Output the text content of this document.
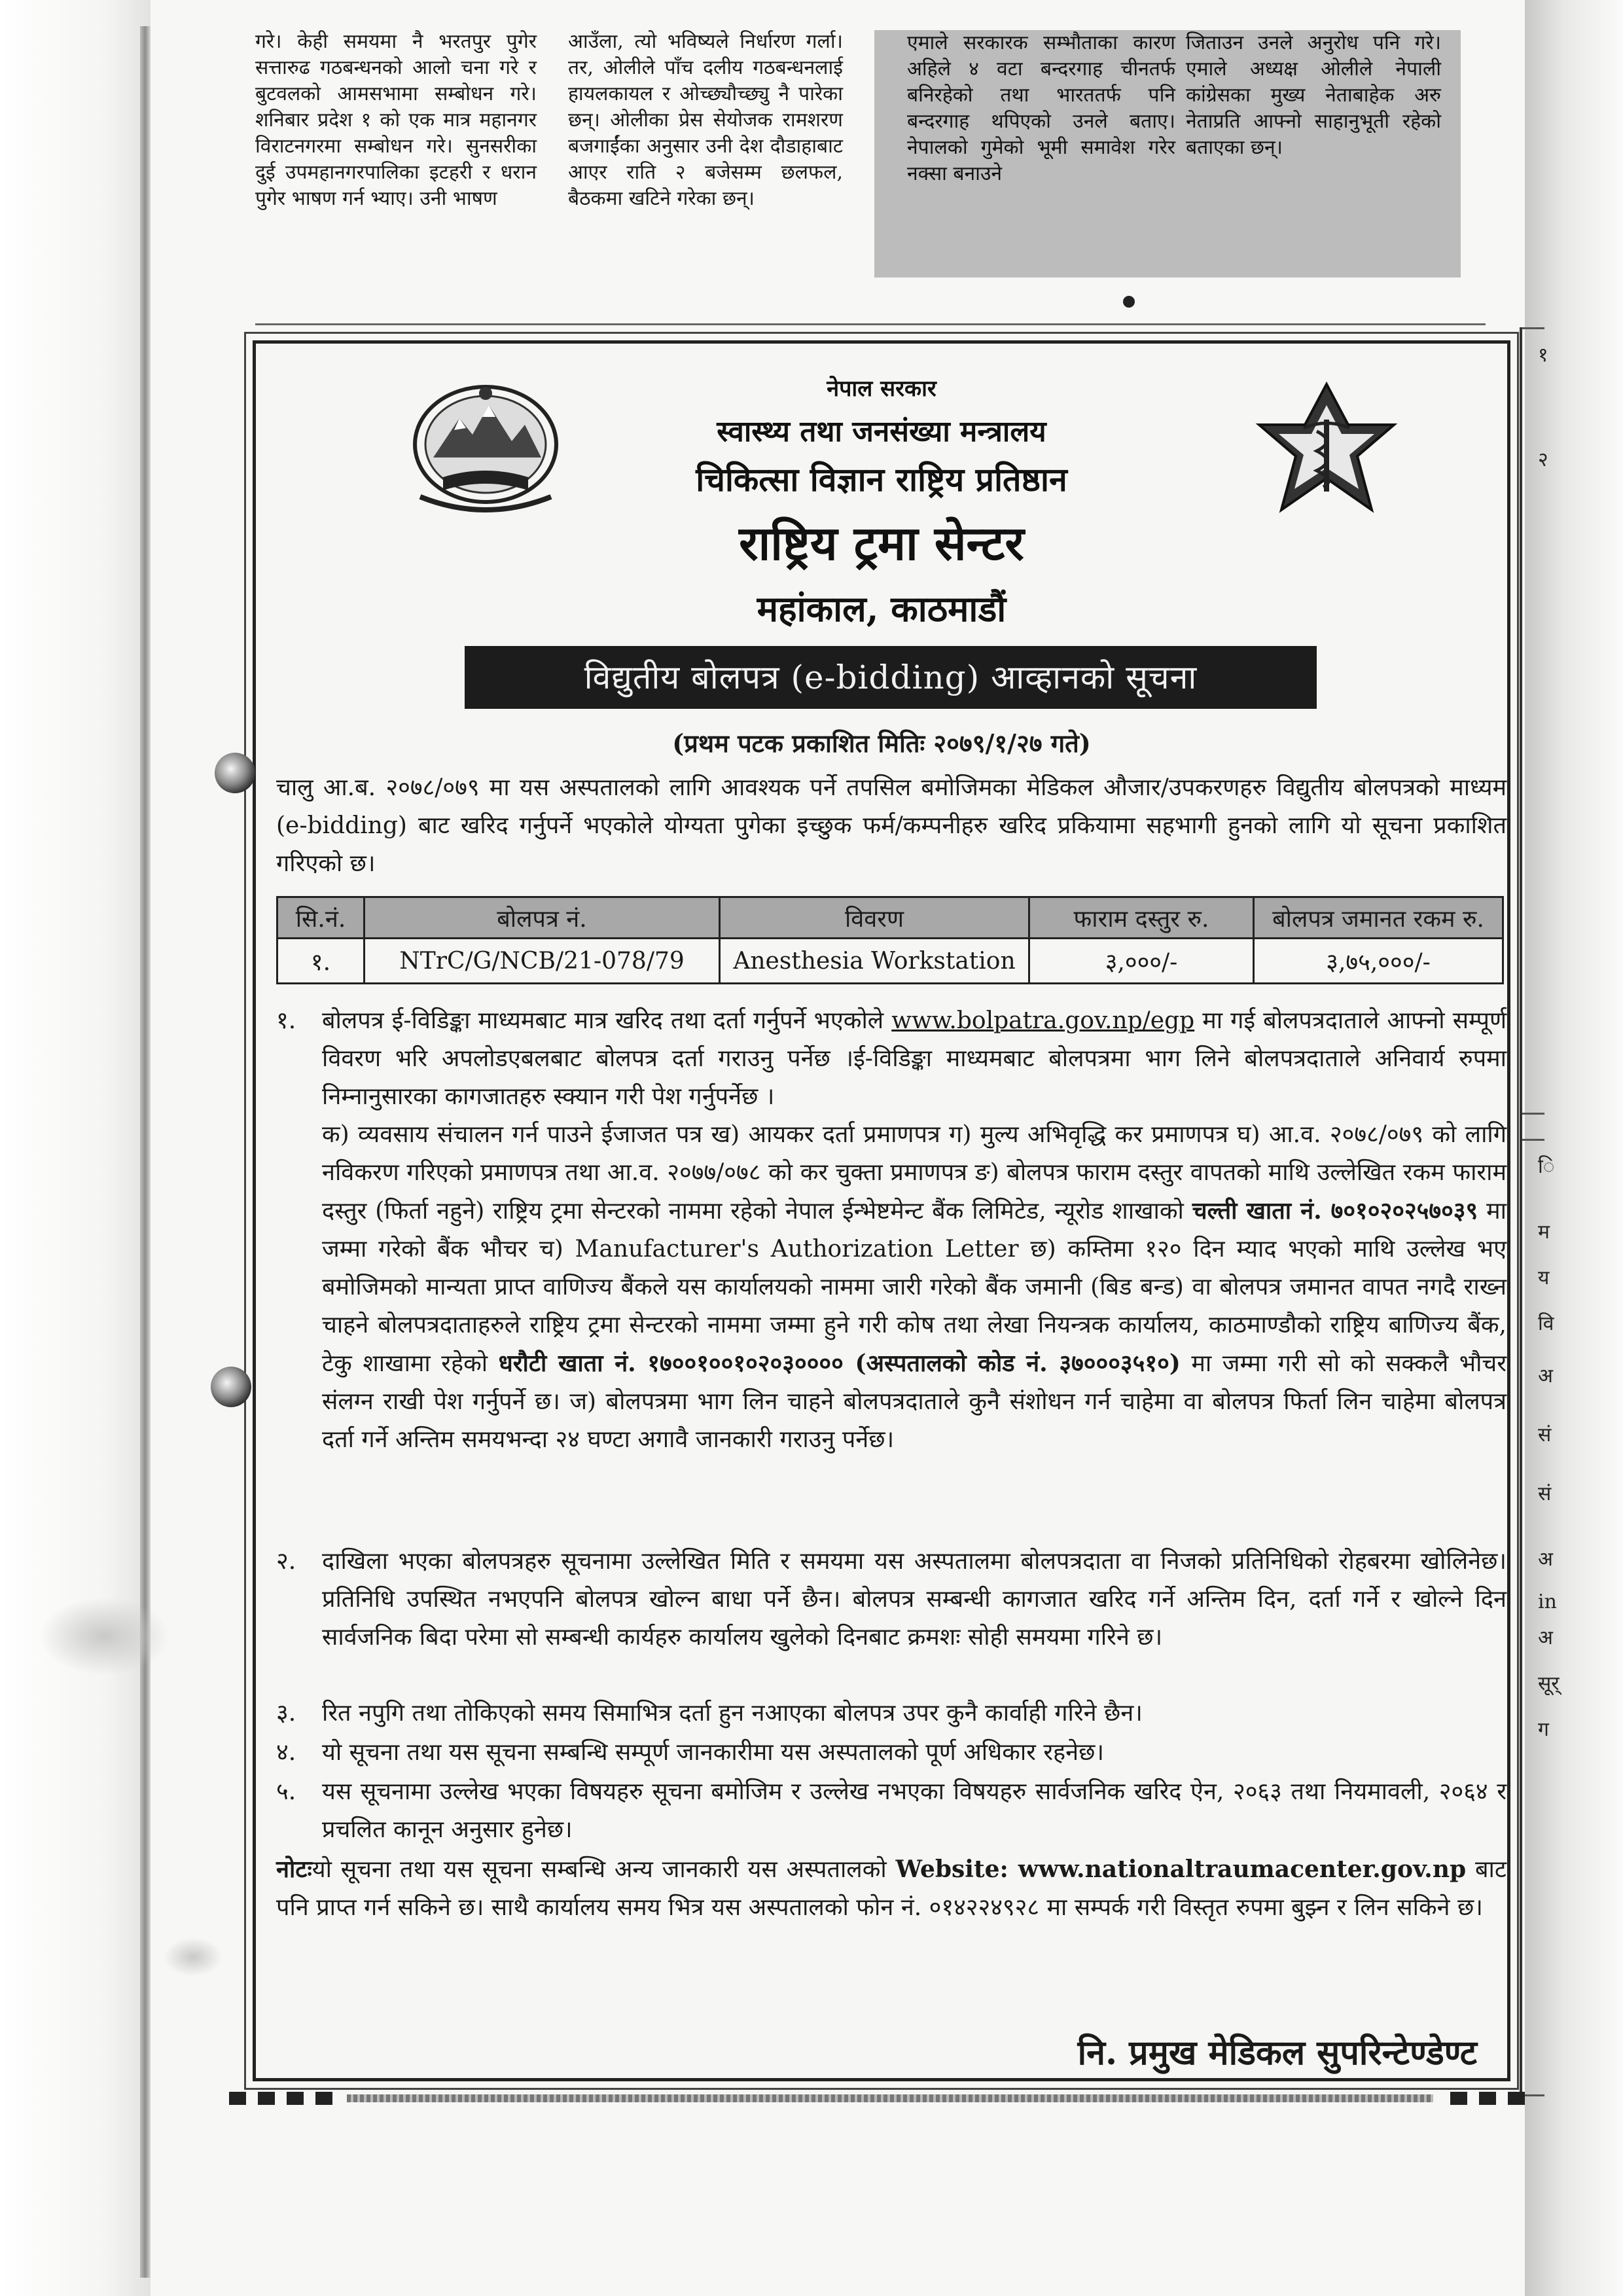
गरे। केही समयमा नै भरतपुर पुगेर सत्तारुढ गठबन्धनको आलो चना गरे र बुटवलको आमसभामा सम्बोधन गरे। शनिबार प्रदेश १ को एक मात्र महानगर विराटनगरमा सम्बोधन गरे। सुनसरीका दुई उपमहानगरपालिका इटहरी र धरान पुगेर भाषण गर्न भ्याए। उनी भाषण

आउँला, त्यो भविष्यले निर्धारण गर्ला। तर, ओलीले पाँच दलीय गठबन्धनलाई हायलकायल र ओच्छ्यौच्छ्यु नै पारेका छन्। ओलीका प्रेस सेयोजक रामशरण बजगाईंका अनुसार उनी देश दौडाहाबाट आएर राति २ बजेसम्म छलफल, बैठकमा खटिने गरेका छन्।

एमाले सरकारक सम्भौताका कारण अहिले ४ वटा बन्दरगाह चीनतर्फ बनिरहेको तथा भारततर्फ पनि बन्दरगाह थपिएको उनले बताए। नेपालको गुमेको भूमी समावेश गरेर नक्सा बनाउने

जिताउन उनले अनुरोध पनि गरे। एमाले अध्यक्ष ओलीले नेपाली कांग्रेसका मुख्य नेताबाहेक अरु नेताप्रति आफ्नो साहानुभूती रहेको बताएका छन्।

१
२
ि
म
य
वि
अ
सं
सं
अ
in
अ
सूर्
ग
नेपाल सरकार
स्वास्थ्य तथा जनसंख्या मन्त्रालय
चिकित्सा विज्ञान राष्ट्रिय प्रतिष्ठान
राष्ट्रिय ट्रमा सेन्टर
महांकाल, काठमाडौं
विद्युतीय बोलपत्र (e-bidding) आव्हानको सूचना
(प्रथम पटक प्रकाशित मितिः २०७९/१/२७ गते)

चालु आ.ब. २०७८/०७९ मा यस अस्पतालको लागि आवश्यक पर्ने तपसिल बमोजिमका मेडिकल औजार/उपकरणहरु विद्युतीय बोलपत्रको माध्यम (e-bidding) बाट खरिद गर्नुपर्ने भएकोले योग्यता पुगेका इच्छुक फर्म/कम्पनीहरु खरिद प्रकियामा सहभागी हुनको लागि यो सूचना प्रकाशित गरिएको छ।

सि.नं.	बोलपत्र नं.	विवरण	फाराम दस्तुर रु.	बोलपत्र जमानत रकम रु.
१.	NTrC/G/NCB/21-078/79	Anesthesia Workstation	३,०००/-	३,७५,०००/-
१.	बोलपत्र ई-विडिङ्का माध्यमबाट मात्र खरिद तथा दर्ता गर्नुपर्ने भएकोले www.bolpatra.gov.np/egp मा गई बोलपत्रदाताले आफ्नो सम्पूर्ण विवरण भरि अपलोडएबलबाट बोलपत्र दर्ता गराउनु पर्नेछ ।ई-विडिङ्का माध्यमबाट बोलपत्रमा भाग लिने बोलपत्रदाताले अनिवार्य रुपमा निम्नानुसारका कागजातहरु स्क्यान गरी पेश गर्नुपर्नेछ ।
क) व्यवसाय संचालन गर्न पाउने ईजाजत पत्र ख) आयकर दर्ता प्रमाणपत्र ग) मुल्य अभिवृद्धि कर प्रमाणपत्र घ) आ.व. २०७८/०७९ को लागि नविकरण गरिएको प्रमाणपत्र तथा आ.व. २०७७/०७८ को कर चुक्ता प्रमाणपत्र ङ) बोलपत्र फाराम दस्तुर वापतको माथि उल्लेखित रकम फाराम दस्तुर (फिर्ता नहुने) राष्ट्रिय ट्रमा सेन्टरको नाममा रहेको नेपाल ईन्भेष्टमेन्ट बैंक लिमिटेड, न्यूरोड शाखाको चल्ती खाता नं. ७०१०२०२५७०३९ मा जम्मा गरेको बैंक भौचर च) Manufacturer's Authorization Letter छ) कम्तिमा १२० दिन म्याद भएको माथि उल्लेख भए बमोजिमको मान्यता प्राप्त वाणिज्य बैंकले यस कार्यालयको नाममा जारी गरेको बैंक जमानी (बिड बन्ड) वा बोलपत्र जमानत वापत नगदै राख्न चाहने बोलपत्रदाताहरुले राष्ट्रिय ट्रमा सेन्टरको नाममा जम्मा हुने गरी कोष तथा लेखा नियन्त्रक कार्यालय, काठमाण्डौको राष्ट्रिय बाणिज्य बैंक, टेकु शाखामा रहेको धरौटी खाता नं. १७००१००१०२०३०००० (अस्पतालको कोड नं. ३७०००३५१०) मा जम्मा गरी सो को सक्कलै भौचर संलग्न राखी पेश गर्नुपर्ने छ। ज) बोलपत्रमा भाग लिन चाहने बोलपत्रदाताले कुनै संशोधन गर्न चाहेमा वा बोलपत्र फिर्ता लिन चाहेमा बोलपत्र दर्ता गर्ने अन्तिम समयभन्दा २४ घण्टा अगावै जानकारी गराउनु पर्नेछ।
२.	दाखिला भएका बोलपत्रहरु सूचनामा उल्लेखित मिति र समयमा यस अस्पतालमा बोलपत्रदाता वा निजको प्रतिनिधिको रोहबरमा खोलिनेछ।प्रतिनिधि उपस्थित नभएपनि बोलपत्र खोल्न बाधा पर्ने छैन। बोलपत्र सम्बन्धी कागजात खरिद गर्ने अन्तिम दिन, दर्ता गर्ने र खोल्ने दिन सार्वजनिक बिदा परेमा सो सम्बन्धी कार्यहरु कार्यालय खुलेको दिनबाट क्रमशः सोही समयमा गरिने छ।
३.	रित नपुगि तथा तोकिएको समय सिमाभित्र दर्ता हुन नआएका बोलपत्र उपर कुनै कार्वाही गरिने छैन।
४.	यो सूचना तथा यस सूचना सम्बन्धि सम्पूर्ण जानकारीमा यस अस्पतालको पूर्ण अधिकार रहनेछ।
५.	यस सूचनामा उल्लेख भएका विषयहरु सूचना बमोजिम र उल्लेख नभएका विषयहरु सार्वजनिक खरिद ऐन, २०६३ तथा नियमावली, २०६४ र प्रचलित कानून अनुसार हुनेछ।
नोटःयो सूचना तथा यस सूचना सम्बन्धि अन्य जानकारी यस अस्पतालको Website: www.nationaltraumacenter.gov.np बाट पनि प्राप्त गर्न सकिने छ। साथै कार्यालय समय भित्र यस अस्पतालको फोन नं. ०१४२२४९२८ मा सम्पर्क गरी विस्तृत रुपमा बुझ्न र लिन सकिने छ।
नि. प्रमुख मेडिकल सुपरिन्टेण्डेण्ट
